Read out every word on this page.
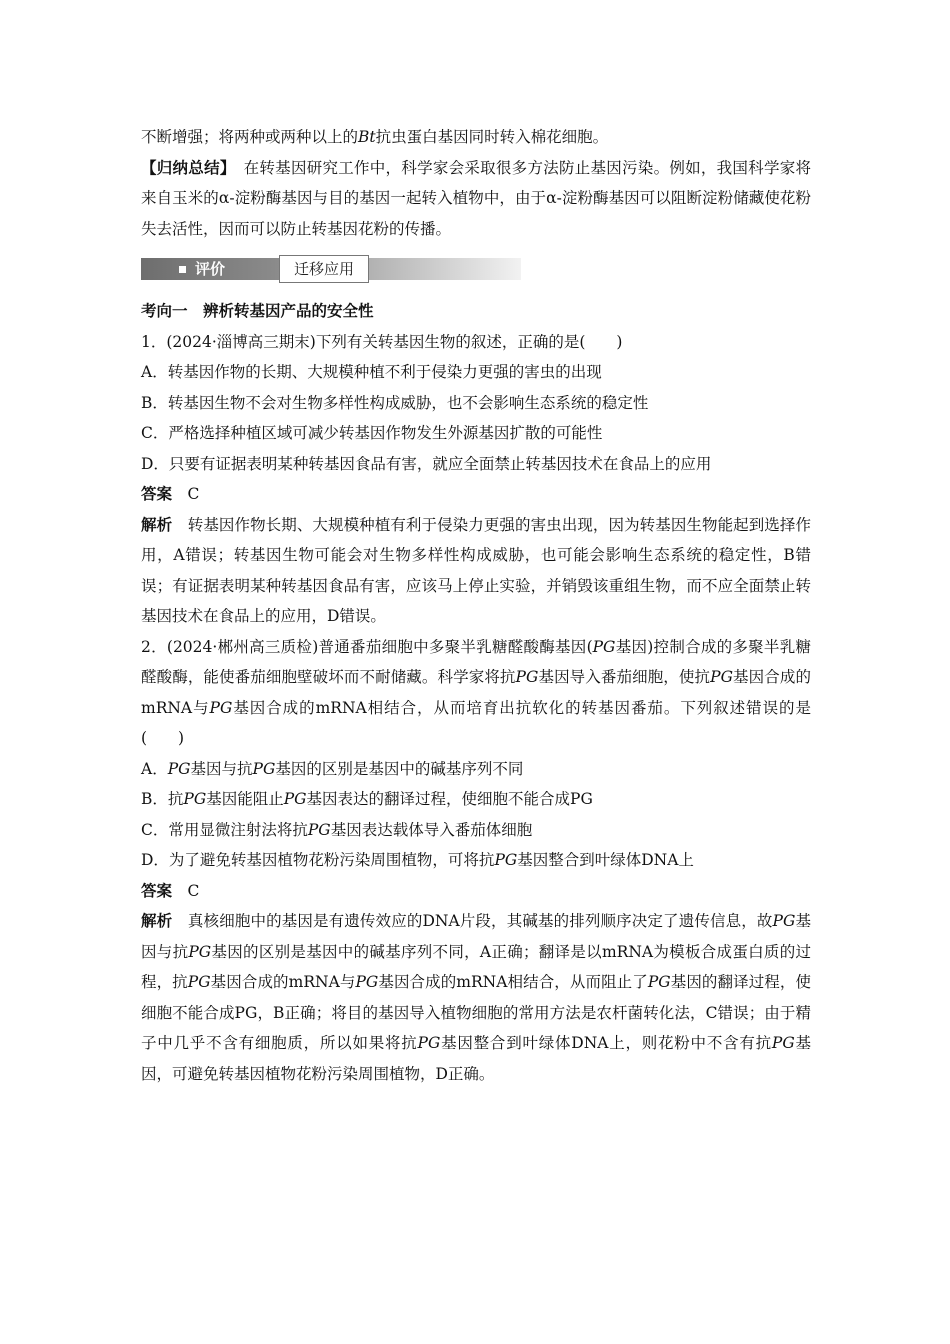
不断增强；将两种或两种以上的Bt抗虫蛋白基因同时转入棉花细胞。

【归纳总结】　 在转基因研究工作中，科学家会采取很多方法防止基因污染。例如，我国科学家将来自玉米的α-淀粉酶基因与目的基因一起转入植物中，由于α-淀粉酶基因可以阻断淀粉储藏使花粉失去活性，因而可以防止转基因花粉的传播。

评价	迁移应用

考向一　辨析转基因产品的安全性

1．(2024·淄博高三期末)下列有关转基因生物的叙述，正确的是(　　)

A．转基因作物的长期、大规模种植不利于侵染力更强的害虫的出现

B．转基因生物不会对生物多样性构成威胁，也不会影响生态系统的稳定性

C．严格选择种植区域可减少转基因作物发生外源基因扩散的可能性

D．只要有证据表明某种转基因食品有害，就应全面禁止转基因技术在食品上的应用

答案　 C

解析　 转基因作物长期、大规模种植有利于侵染力更强的害虫出现，因为转基因生物能起到选择作用，A错误；转基因生物可能会对生物多样性构成威胁，也可能会影响生态系统的稳定性，B错误；有证据表明某种转基因食品有害，应该马上停止实验，并销毁该重组生物，而不应全面禁止转基因技术在食品上的应用，D错误。

2．(2024·郴州高三质检)普通番茄细胞中多聚半乳糖醛酸酶基因(PG基因)控制合成的多聚半乳糖醛酸酶，能使番茄细胞壁破坏而不耐储藏。科学家将抗PG基因导入番茄细胞，使抗PG基因合成的mRNA与PG基因合成的mRNA相结合，从而培育出抗软化的转基因番茄。下列叙述错误的是(　　)

A．PG基因与抗PG基因的区别是基因中的碱基序列不同

B．抗PG基因能阻止PG基因表达的翻译过程，使细胞不能合成PG

C．常用显微注射法将抗PG基因表达载体导入番茄体细胞

D．为了避免转基因植物花粉污染周围植物，可将抗PG基因整合到叶绿体DNA上

答案　 C

解析　 真核细胞中的基因是有遗传效应的DNA片段，其碱基的排列顺序决定了遗传信息，故PG基因与抗PG基因的区别是基因中的碱基序列不同，A正确；翻译是以mRNA为模板合成蛋白质的过程，抗PG基因合成的mRNA与PG基因合成的mRNA相结合，从而阻止了PG基因的翻译过程，使细胞不能合成PG，B正确；将目的基因导入植物细胞的常用方法是农杆菌转化法，C错误；由于精子中几乎不含有细胞质，所以如果将抗PG基因整合到叶绿体DNA上，则花粉中不含有抗PG基因，可避免转基因植物花粉污染周围植物，D正确。
